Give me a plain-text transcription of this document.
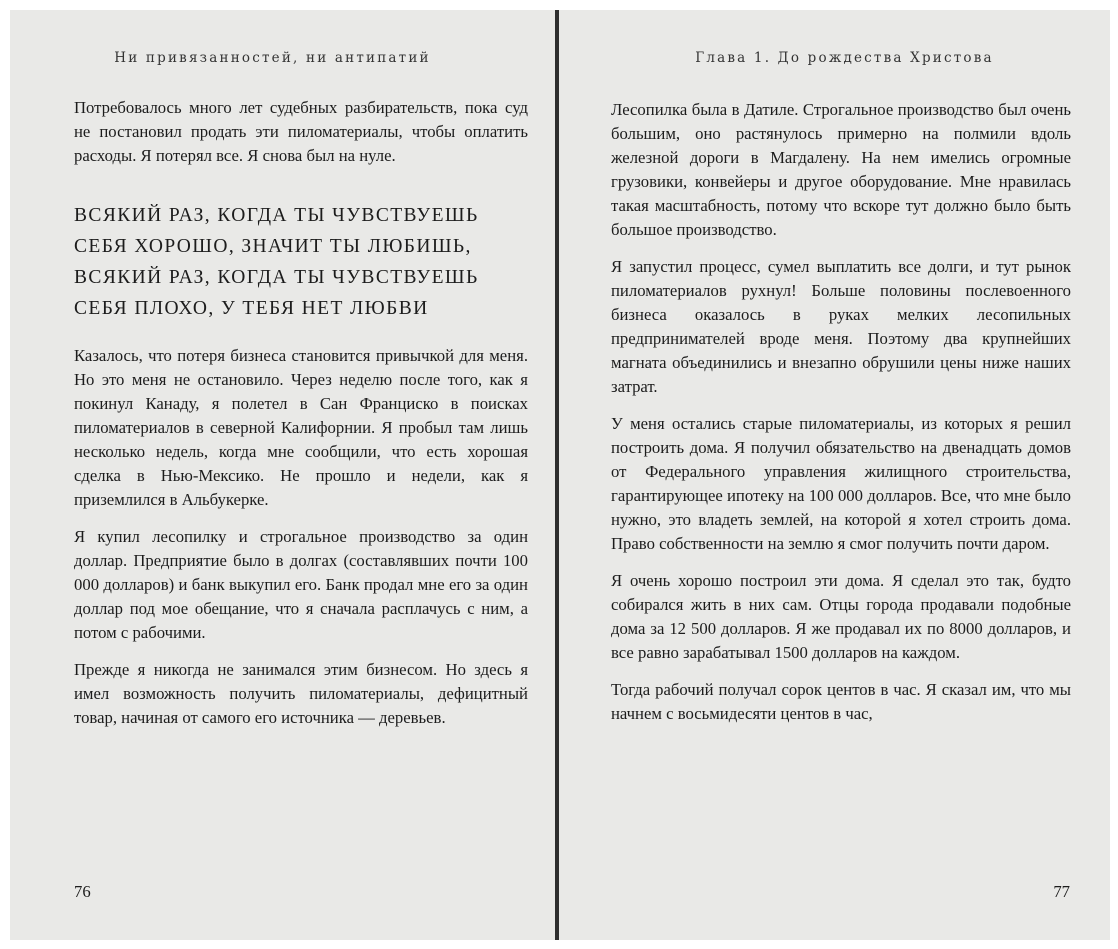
Ни привязанностей, ни антипатий

Потребовалось много лет судебных разбирательств, пока суд не постановил продать эти пиломатериалы, чтобы оплатить расходы. Я потерял все. Я снова был на нуле.

ВСЯКИЙ РАЗ, КОГДА ТЫ ЧУВСТВУЕШЬ
СЕБЯ ХОРОШО, ЗНАЧИТ ТЫ ЛЮБИШЬ,
ВСЯКИЙ РАЗ, КОГДА ТЫ ЧУВСТВУЕШЬ
СЕБЯ ПЛОХО, У ТЕБЯ НЕТ ЛЮБВИ

Казалось, что потеря бизнеса становится привычкой для меня. Но это меня не остановило. Через неделю после того, как я покинул Канаду, я полетел в Сан Франциско в поисках пиломатериалов в северной Калифорнии. Я пробыл там лишь несколько недель, когда мне сообщили, что есть хорошая сделка в Нью-Мексико. Не прошло и недели, как я приземлился в Альбукерке.

Я купил лесопилку и строгальное производство за один доллар. Предприятие было в долгах (составлявших почти 100 000 долларов) и банк выкупил его. Банк продал мне его за один доллар под мое обещание, что я сначала расплачусь с ним, а потом с рабочими.

Прежде я никогда не занимался этим бизнесом. Но здесь я имел возможность получить пиломатериалы, дефицитный товар, начиная от самого его источника — деревьев.

76
Глава 1. До рождества Христова

Лесопилка была в Датиле. Строгальное производство был очень большим, оно растянулось примерно на полмили вдоль железной дороги в Магдалену. На нем имелись огромные грузовики, конвейеры и другое оборудование. Мне нравилась такая масштабность, потому что вскоре тут должно было быть большое производство.

Я запустил процесс, сумел выплатить все долги, и тут рынок пиломатериалов рухнул! Больше половины послевоенного бизнеса оказалось в руках мелких лесопильных предпринимателей вроде меня. Поэтому два крупнейших магната объединились и внезапно обрушили цены ниже наших затрат.

У меня остались старые пиломатериалы, из которых я решил построить дома. Я получил обязательство на двенадцать домов от Федерального управления жилищного строительства, гарантирующее ипотеку на 100 000 долларов. Все, что мне было нужно, это владеть землей, на которой я хотел строить дома. Право собственности на землю я смог получить почти даром.

Я очень хорошо построил эти дома. Я сделал это так, будто собирался жить в них сам. Отцы города продавали подобные дома за 12 500 долларов. Я же продавал их по 8000 долларов, и все равно зарабатывал 1500 долларов на каждом.

Тогда рабочий получал сорок центов в час. Я сказал им, что мы начнем с восьмидесяти центов в час,

77
